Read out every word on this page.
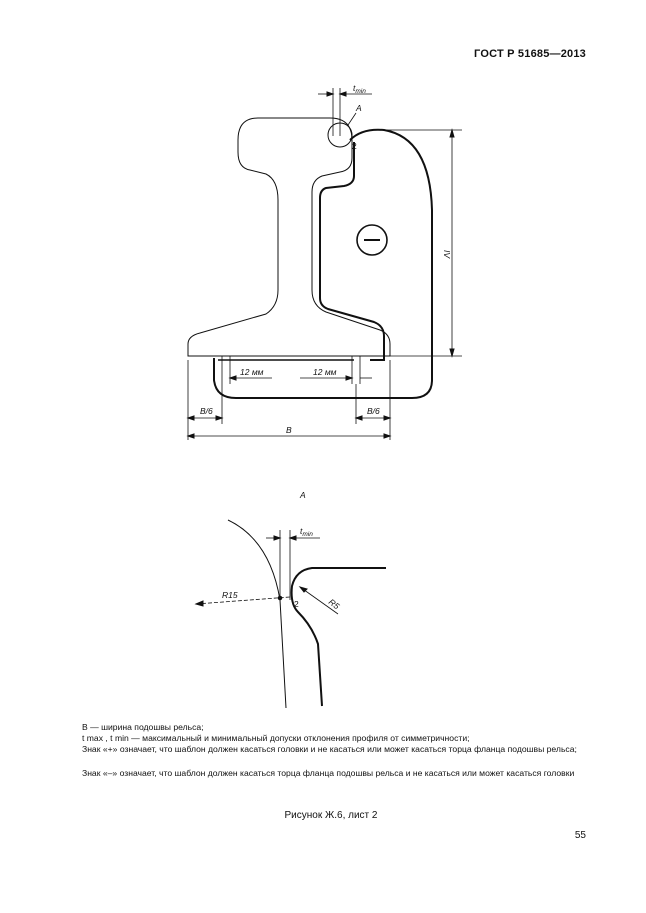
ГОСТ Р 51685—2013
$t_{min}$
A
2
IV
12 мм	12 мм
B/6	B/6
B
A
$t_{min}$
R15
R5
2

B — ширина подошвы рельса;

t max , t min — максимальный и минимальный допуски отклонения профиля от симметричности;

Знак «+» означает, что шаблон должен касаться головки и не касаться или может касаться торца фланца подошвы рельса;

Знак «–» означает, что шаблон должен касаться торца фланца подошвы рельса и не касаться или может касаться головки

Рисунок Ж.6, лист 2
55
